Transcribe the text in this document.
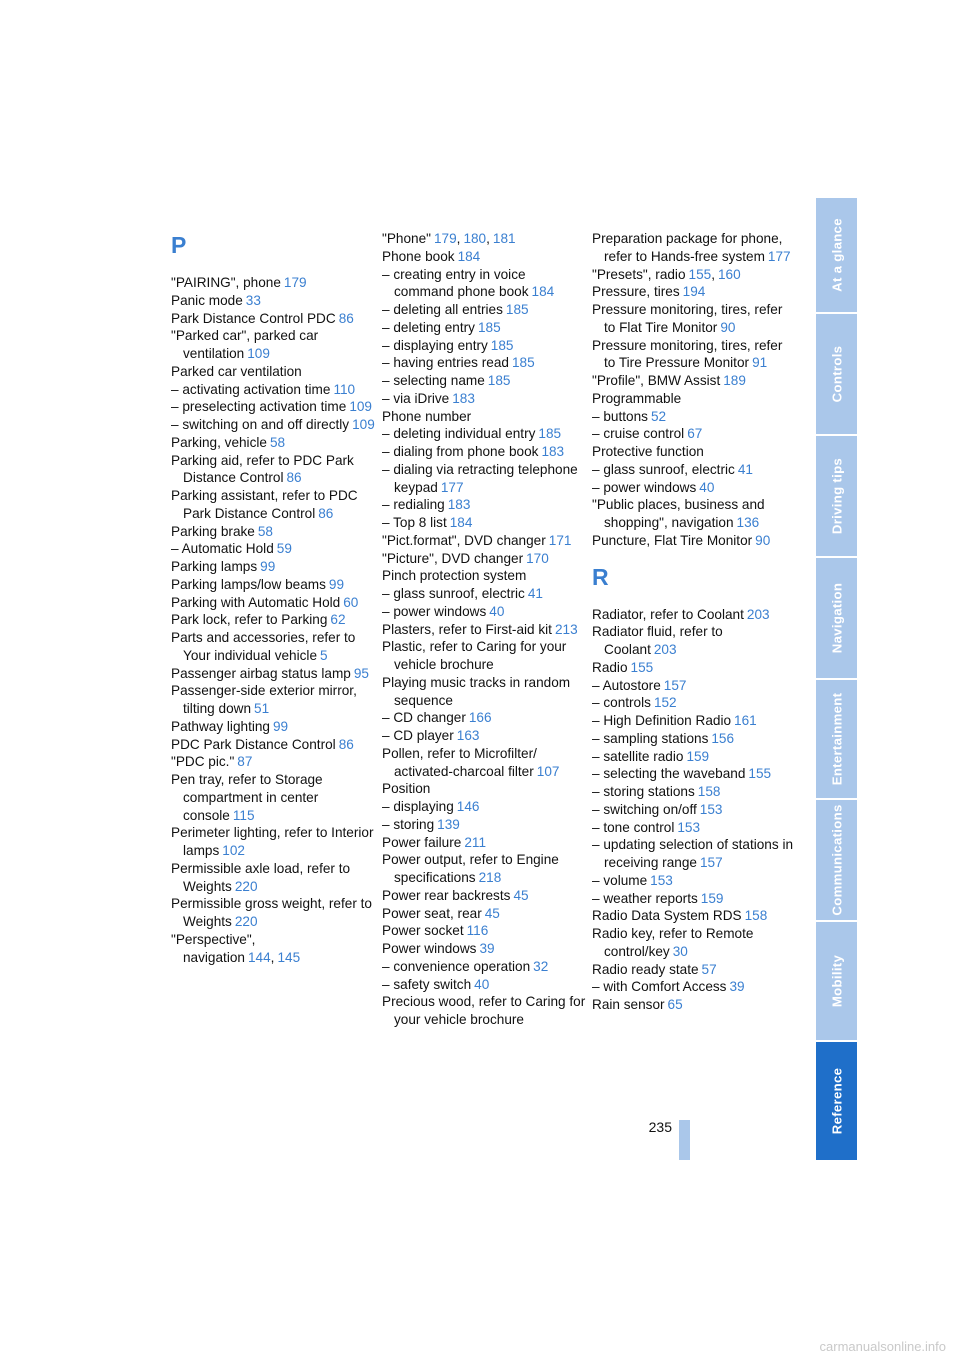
P
"PAIRING", phone 179
Panic mode 33
Park Distance Control PDC 86
"Parked car", parked car ventilation 109
Parked car ventilation
– activating activation time 110
– preselecting activation time 109
– switching on and off directly 109
Parking, vehicle 58
Parking aid, refer to PDC Park Distance Control 86
Parking assistant, refer to PDC Park Distance Control 86
Parking brake 58
– Automatic Hold 59
Parking lamps 99
Parking lamps/low beams 99
Parking with Automatic Hold 60
Park lock, refer to Parking 62
Parts and accessories, refer to Your individual vehicle 5
Passenger airbag status lamp 95
Passenger-side exterior mirror, tilting down 51
Pathway lighting 99
PDC Park Distance Control 86
"PDC pic." 87
Pen tray, refer to Storage compartment in center console 115
Perimeter lighting, refer to Interior lamps 102
Permissible axle load, refer to Weights 220
Permissible gross weight, refer to Weights 220
"Perspective", navigation 144, 145
"Phone" 179, 180, 181
Phone book 184
– creating entry in voice command phone book 184
– deleting all entries 185
– deleting entry 185
– displaying entry 185
– having entries read 185
– selecting name 185
– via iDrive 183
Phone number
– deleting individual entry 185
– dialing from phone book 183
– dialing via retracting telephone keypad 177
– redialing 183
– Top 8 list 184
"Pict.format", DVD changer 171
"Picture", DVD changer 170
Pinch protection system
– glass sunroof, electric 41
– power windows 40
Plasters, refer to First-aid kit 213
Plastic, refer to Caring for your vehicle brochure
Playing music tracks in random sequence
– CD changer 166
– CD player 163
Pollen, refer to Microfilter/ activated-charcoal filter 107
Position
– displaying 146
– storing 139
Power failure 211
Power output, refer to Engine specifications 218
Power rear backrests 45
Power seat, rear 45
Power socket 116
Power windows 39
– convenience operation 32
– safety switch 40
Precious wood, refer to Caring for your vehicle brochure
Preparation package for phone, refer to Hands-free system 177
"Presets", radio 155, 160
Pressure, tires 194
Pressure monitoring, tires, refer to Flat Tire Monitor 90
Pressure monitoring, tires, refer to Tire Pressure Monitor 91
"Profile", BMW Assist 189
Programmable
– buttons 52
– cruise control 67
Protective function
– glass sunroof, electric 41
– power windows 40
"Public places, business and shopping", navigation 136
Puncture, Flat Tire Monitor 90
R
Radiator, refer to Coolant 203
Radiator fluid, refer to Coolant 203
Radio 155
– Autostore 157
– controls 152
– High Definition Radio 161
– sampling stations 156
– satellite radio 159
– selecting the waveband 155
– storing stations 158
– switching on/off 153
– tone control 153
– updating selection of stations in receiving range 157
– volume 153
– weather reports 159
Radio Data System RDS 158
Radio key, refer to Remote control/key 30
Radio ready state 57
– with Comfort Access 39
Rain sensor 65
At a glance
Controls
Driving tips
Navigation
Entertainment
Communications
Mobility
Reference
235
carmanualsonline.info
